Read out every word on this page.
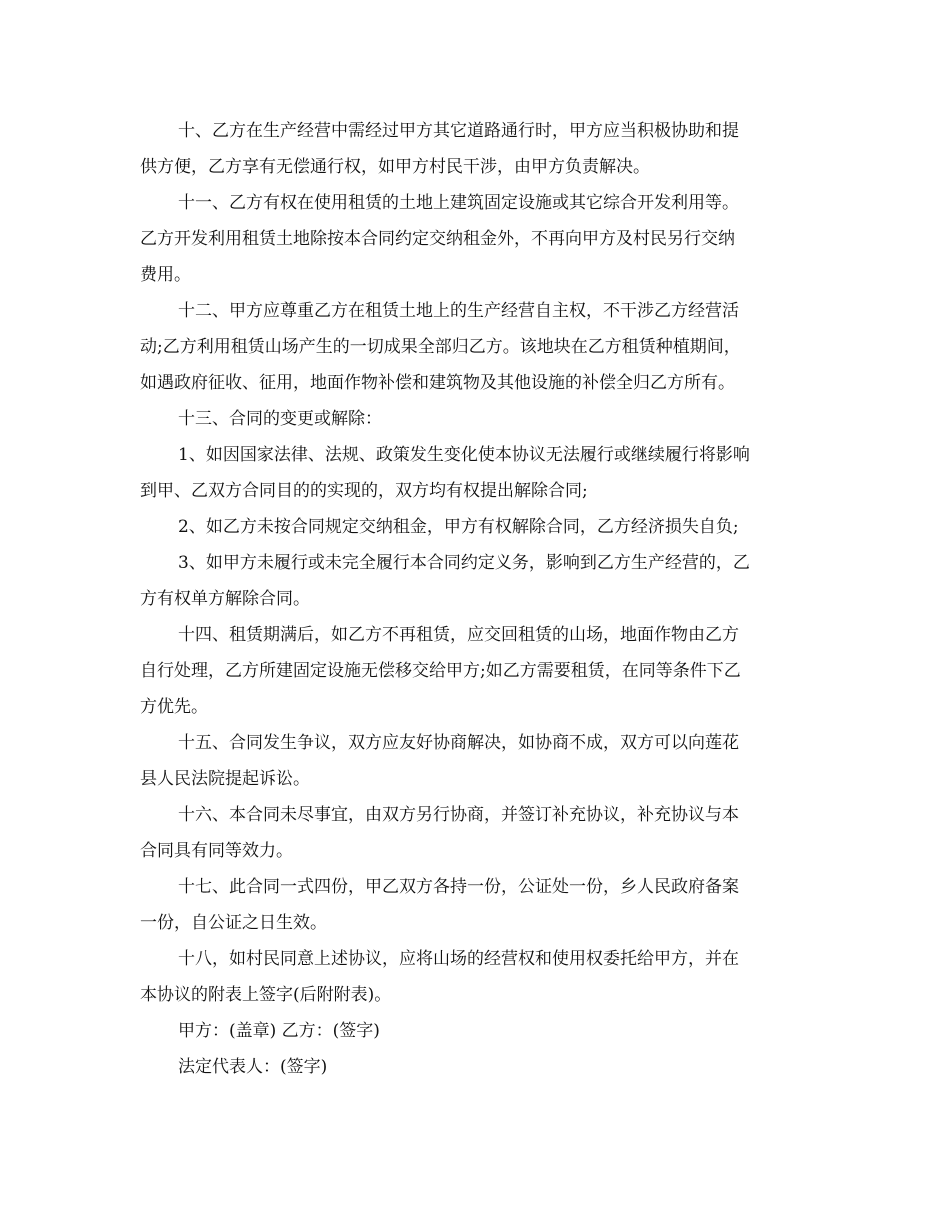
十、乙方在生产经营中需经过甲方其它道路通行时，甲方应当积极协助和提
供方便，乙方享有无偿通行权，如甲方村民干涉，由甲方负责解决。

十一、乙方有权在使用租赁的土地上建筑固定设施或其它综合开发利用等。
乙方开发利用租赁土地除按本合同约定交纳租金外，不再向甲方及村民另行交纳
费用。

十二、甲方应尊重乙方在租赁土地上的生产经营自主权，不干涉乙方经营活
动;乙方利用租赁山场产生的一切成果全部归乙方。该地块在乙方租赁种植期间，
如遇政府征收、征用，地面作物补偿和建筑物及其他设施的补偿全归乙方所有。

十三、合同的变更或解除：

1、如因国家法律、法规、政策发生变化使本协议无法履行或继续履行将影响
到甲、乙双方合同目的的实现的，双方均有权提出解除合同;

2、如乙方未按合同规定交纳租金，甲方有权解除合同，乙方经济损失自负;

3、如甲方未履行或未完全履行本合同约定义务，影响到乙方生产经营的，乙
方有权单方解除合同。

十四、租赁期满后，如乙方不再租赁，应交回租赁的山场，地面作物由乙方
自行处理，乙方所建固定设施无偿移交给甲方;如乙方需要租赁，在同等条件下乙
方优先。

十五、合同发生争议，双方应友好协商解决，如协商不成，双方可以向莲花
县人民法院提起诉讼。

十六、本合同未尽事宜，由双方另行协商，并签订补充协议，补充协议与本
合同具有同等效力。

十七、此合同一式四份，甲乙双方各持一份，公证处一份，乡人民政府备案
一份，自公证之日生效。

十八，如村民同意上述协议，应将山场的经营权和使用权委托给甲方，并在
本协议的附表上签字(后附附表)。

甲方：(盖章) 乙方：(签字)

法定代表人：(签字)
